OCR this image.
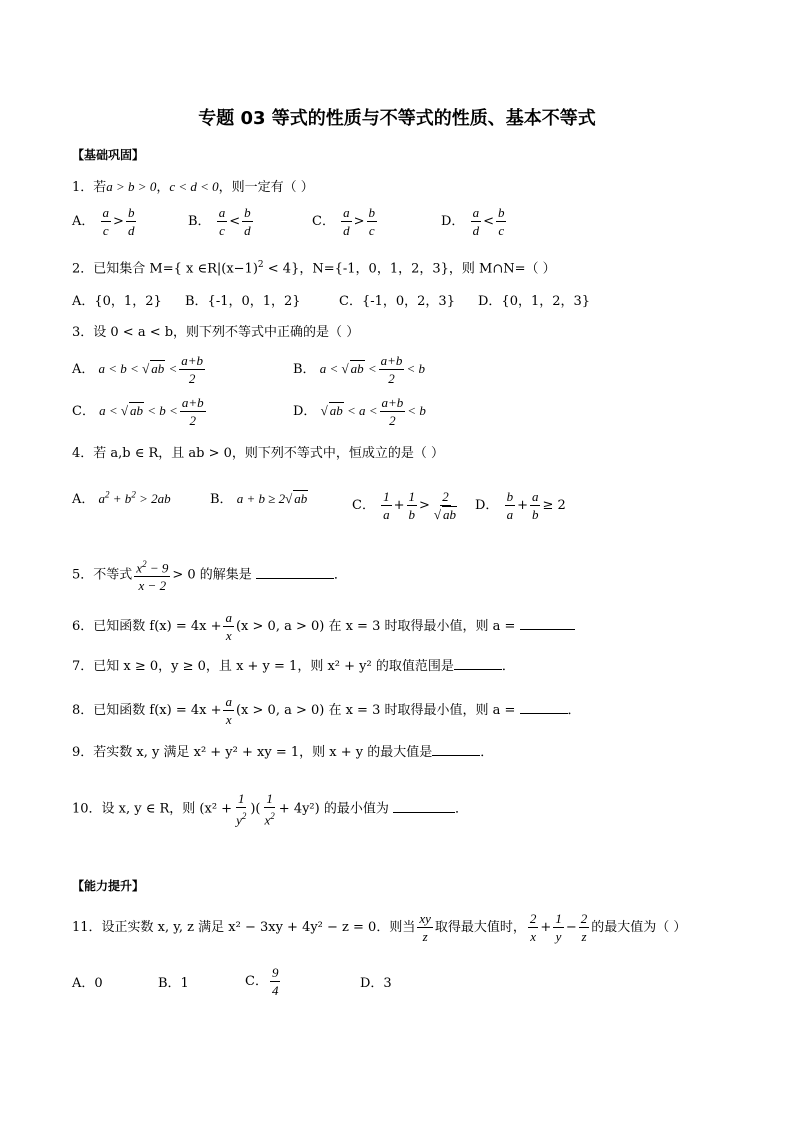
专题 03 等式的性质与不等式的性质、基本不等式
【基础巩固】
1．若a > b > 0，c < d < 0，则一定有（ ）
A． $\frac{a}{c} > \frac{b}{d}$	B． $\frac{a}{c} < \frac{b}{d}$	C． $\frac{a}{d} > \frac{b}{c}$	D． $\frac{a}{d} < \frac{b}{c}$
2．已知集合 M={ x $\in R|(x-1)^2 < 4$}，N={-1，0，1，2，3}，则 M∩N=（ ）
A．{0，1，2} B．{-1，0，1，2}	C．{-1，0，2，3} D．{0，1，2，3}
3．设 0 < a < b，则下列不等式中正确的是（ ）
A． a < b < √ ab < $\frac{a+b}{2}$	B． a < √ ab < $\frac{a+b}{2} < b$
C． a < √ ab < $b < \frac{a+b}{2}$	D． √ ab < $a < \frac{a+b}{2} < b$
4．若 a,b ∈ R，且 ab > 0，则下列不等式中，恒成立的是（ ）
A． $a^2 + b^2 > 2ab$	B． a + b ≥ 2√ ab	C． $\frac{1}{a} + \frac{1}{b} > \frac{2}{√ ab}$ D． $\frac{b}{a} + \frac{a}{b} \ge 2$
5．不等式 $\frac{x^2 - 9}{x - 2} > 0$ 的解集是	．
6．已知函数 $f(x) = 4x + \frac{a}{x} (x > 0$, a > 0) 在 x = 3 时取得最小值，则 a =
7．已知 x ≥ 0，y ≥ 0，且 x + y = 1，则 x² + y² 的取值范围是	．
8．已知函数 $f(x) = 4x + \frac{a}{x} (x > 0$, a > 0) 在 x = 3 时取得最小值，则 a =	．
9．若实数 x, y 满足 x² + y² + xy = 1，则 x + y 的最大值是	．
10．设 x, y ∈ R，则 ($x^2 + \frac{1}{y^2}$ )( $\frac{1}{x^2} + 4y^2$) 的最小值为	．
【能力提升】
11．设正实数 x, y, z 满足 x² − 3xy + 4y² − z = 0．则当 $\frac{xy}{z}$ 取得最大值时， $\frac{2}{x} + \frac{1}{y} - \frac{2}{z}$ 的最大值为（ ）
A．0	B．1	C． $\frac{9}{4}$	D．3
